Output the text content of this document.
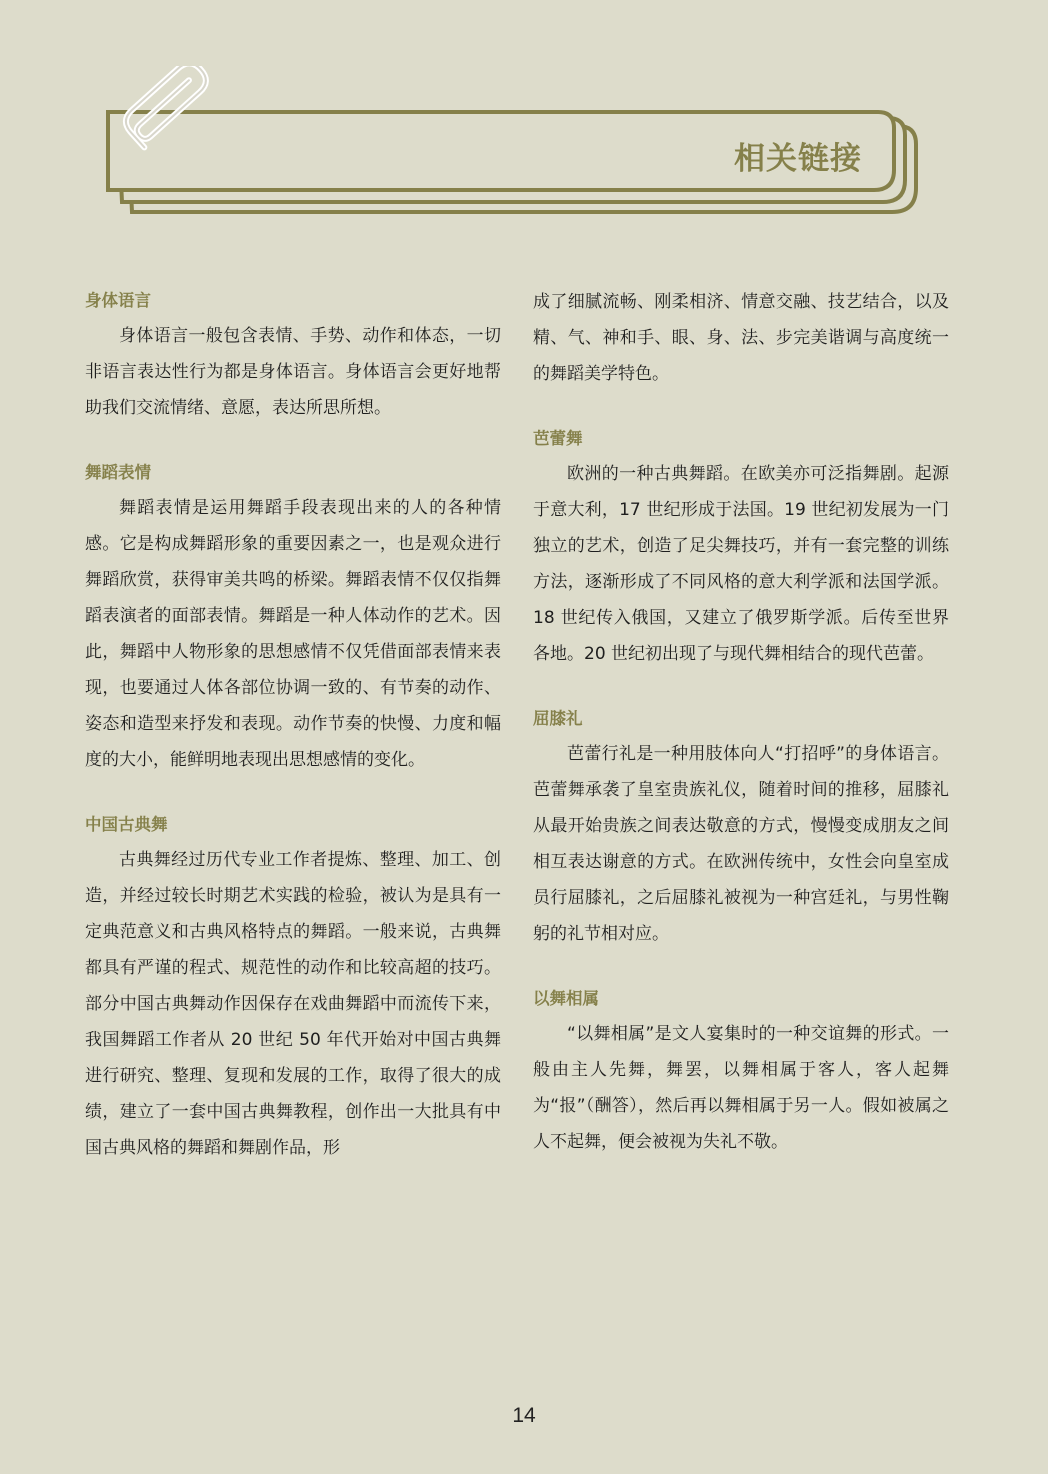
相关链接
身体语言

身体语言一般包含表情、手势、动作和体态，一切非语言表达性行为都是身体语言。身体语言会更好地帮助我们交流情绪、意愿，表达所思所想。

舞蹈表情

舞蹈表情是运用舞蹈手段表现出来的人的各种情感。它是构成舞蹈形象的重要因素之一，也是观众进行舞蹈欣赏，获得审美共鸣的桥梁。舞蹈表情不仅仅指舞蹈表演者的面部表情。舞蹈是一种人体动作的艺术。因此，舞蹈中人物形象的思想感情不仅凭借面部表情来表现，也要通过人体各部位协调一致的、有节奏的动作、姿态和造型来抒发和表现。动作节奏的快慢、力度和幅度的大小，能鲜明地表现出思想感情的变化。

中国古典舞

古典舞经过历代专业工作者提炼、整理、加工、创造，并经过较长时期艺术实践的检验，被认为是具有一定典范意义和古典风格特点的舞蹈。一般来说，古典舞都具有严谨的程式、规范性的动作和比较高超的技巧。部分中国古典舞动作因保存在戏曲舞蹈中而流传下来，我国舞蹈工作者从 20 世纪 50 年代开始对中国古典舞进行研究、整理、复现和发展的工作，取得了很大的成绩，建立了一套中国古典舞教程，创作出一大批具有中国古典风格的舞蹈和舞剧作品，形

成了细腻流畅、刚柔相济、情意交融、技艺结合，以及精、气、神和手、眼、身、法、步完美谐调与高度统一的舞蹈美学特色。

芭蕾舞

欧洲的一种古典舞蹈。在欧美亦可泛指舞剧。起源于意大利，17 世纪形成于法国。19 世纪初发展为一门独立的艺术，创造了足尖舞技巧，并有一套完整的训练方法，逐渐形成了不同风格的意大利学派和法国学派。18 世纪传入俄国，又建立了俄罗斯学派。后传至世界各地。20 世纪初出现了与现代舞相结合的现代芭蕾。

屈膝礼

芭蕾行礼是一种用肢体向人“打招呼”的身体语言。芭蕾舞承袭了皇室贵族礼仪，随着时间的推移，屈膝礼从最开始贵族之间表达敬意的方式，慢慢变成朋友之间相互表达谢意的方式。在欧洲传统中，女性会向皇室成员行屈膝礼，之后屈膝礼被视为一种宫廷礼，与男性鞠躬的礼节相对应。

以舞相属

“以舞相属”是文人宴集时的一种交谊舞的形式。一般由主人先舞，舞罢，以舞相属于客人，客人起舞为“报”（酬答），然后再以舞相属于另一人。假如被属之人不起舞，便会被视为失礼不敬。

14
